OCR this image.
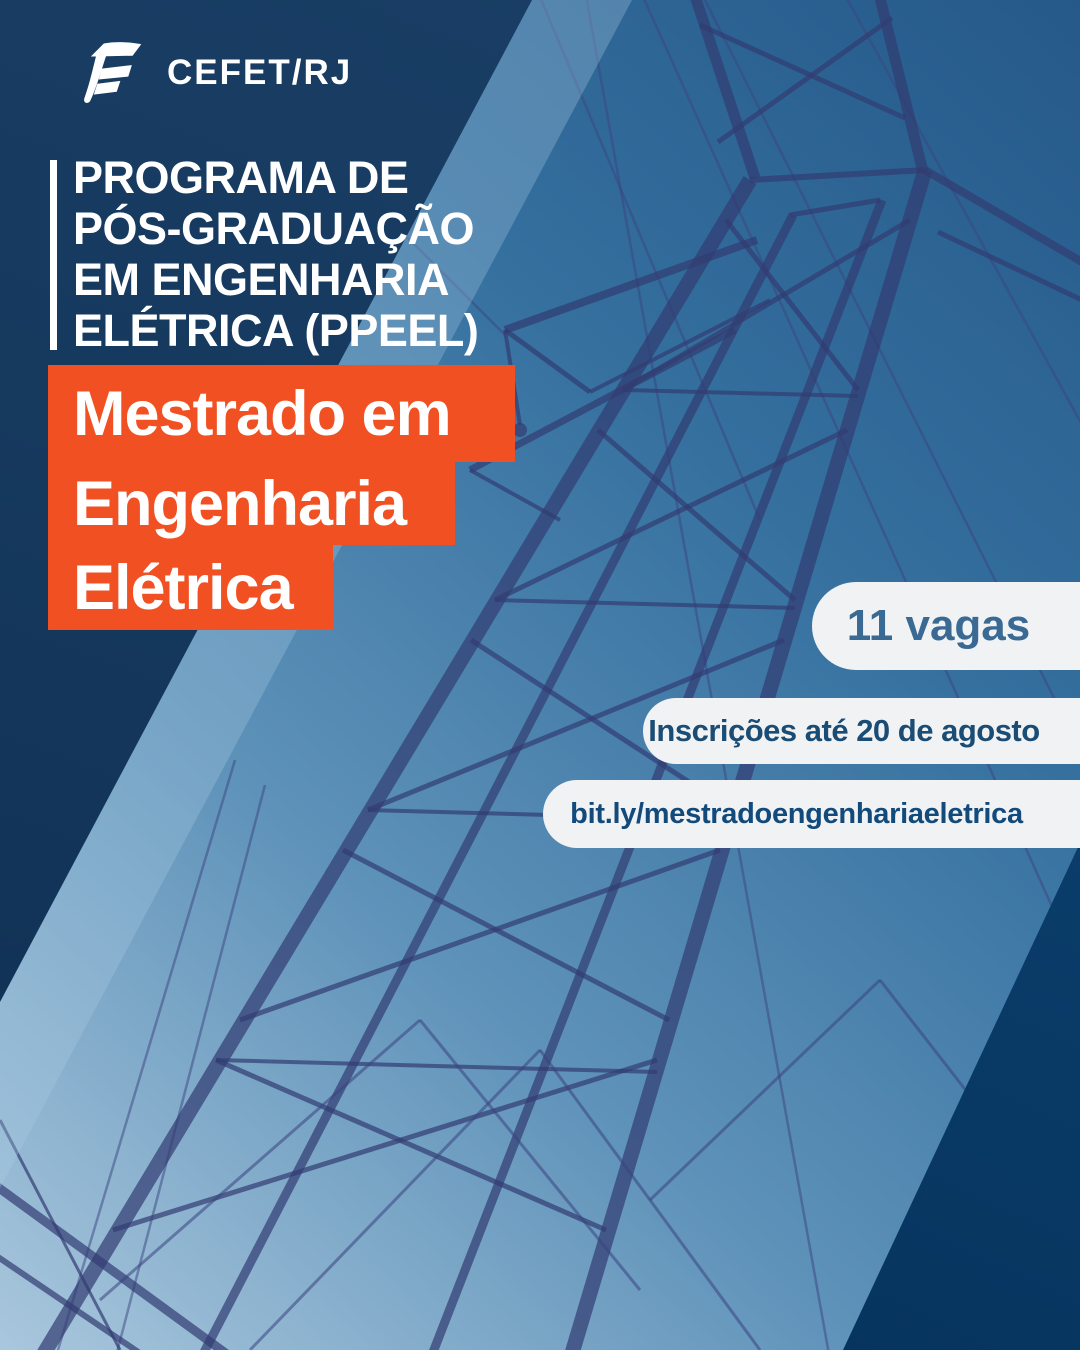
CEFET/RJ
PROGRAMA DE
PÓS-GRADUAÇÃO
EM ENGENHARIA
ELÉTRICA (PPEEL)
Mestrado em
Engenharia
Elétrica
11 vagas
Inscrições até 20 de agosto
bit.ly/mestradoengenhariaeletrica
